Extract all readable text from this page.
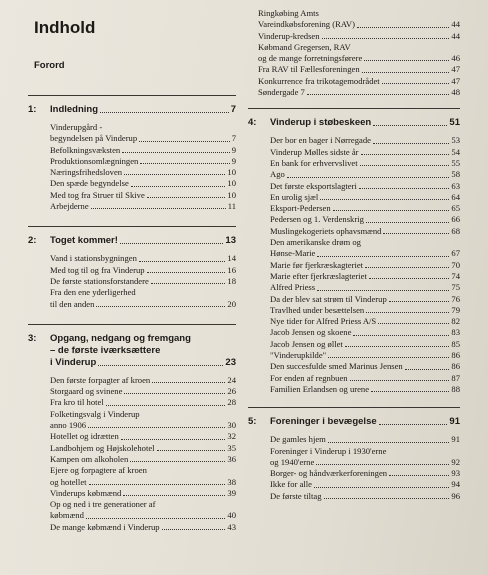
Indhold
Forord
1:	Indledning	7
Vinderupgård -
begyndelsen på Vinderup	7
Befolkningsvæksten	9
Produktionsomlægningen	9
Næringsfrihedsloven	10
Den spæde begyndelse	10
Med tog fra Struer til Skive	10
Arbejderne	11
2:	Toget kommer!	13
Vand i stationsbygningen	14
Med tog til og fra Vinderup	16
De første stationsforstandere	18
Fra den ene yderligerhed
til den anden	20
3:	Opgang, nedgang og fremgang
– de første iværksættere
i Vinderup	23
Den første forpagter af kroen	24
Storgaard og svinene	26
Fra kro til hotel	28
Folketingsvalg i Vinderup
anno 1906	30
Hotellet og idrætten	32
Landbohjem og Højskolehotel	35
Kampen om alkoholen	36
Ejere og forpagtere af kroen
og hotellet	38
Vinderups købmænd	39
Op og ned i tre generationer af
købmænd	40
De mange købmænd i Vinderup	43
Ringkøbing Amts
Vareindkøbsforening (RAV)	44
Vinderup-kredsen	44
Købmand Gregersen, RAV
og de mange forretningsførere	46
Fra RAV til Fællesforeningen	47
Konkurrence fra trikotagemodrådet	47
Søndergade 7	48
4:	Vinderup i støbeskeen	51
Der bor en bager i Nørregade	53
Vinderup Mølles sidste år	54
En bank for erhvervslivet	55
Ago	58
Det første eksportslagteri	63
En urolig sjæl	64
Eksport-Pedersen	65
Pedersen og 1. Verdenskrig	66
Muslingekogeriets ophavsmænd	68
Den amerikanske drøm og
Hønse-Marie	67
Marie før fjerkræskagteriet	70
Marie efter fjerkræslagteriet	74
Alfred Priess	75
Da der blev sat strøm til Vinderup	76
Travlhed under besættelsen	79
Nye tider for Alfred Priess A/S	82
Jacob Jensen og skoene	83
Jacob Jensen og øllet	85
"Vinderupkilde"	86
Den succesfulde smed Marinus Jensen	86
For enden af regnbuen	87
Familien Erlandsen og urene	88
5:	Foreninger i bevægelse	91
De gamles hjem	91
Foreninger i Vinderup i 1930'erne
og 1940'erne	92
Borger- og håndværkerforeningen	93
Ikke for alle	94
De første tiltag	96
